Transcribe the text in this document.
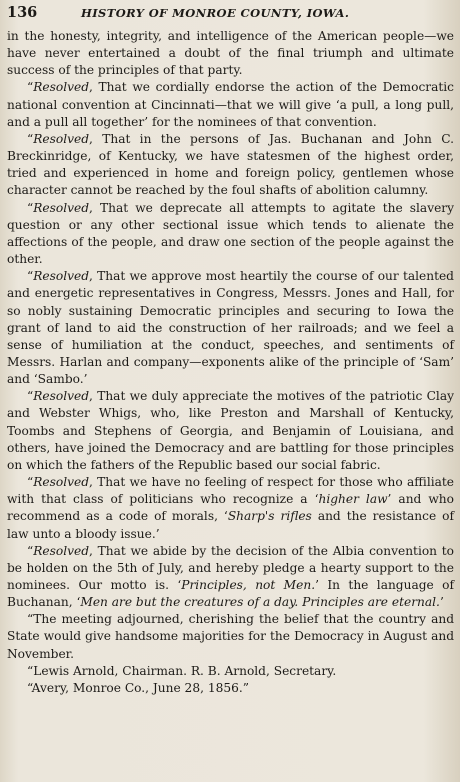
136	HISTORY OF MONROE COUNTY, IOWA.

in the honesty, integrity, and intelligence of the American people—we have never entertained a doubt of the final triumph and ultimate success of the principles of that party.

“Resolved, That we cordially endorse the action of the Democratic national convention at Cincinnati—that we will give ‘a pull, a long pull, and a pull all together’ for the nominees of that convention.

“Resolved, That in the persons of Jas. Buchanan and John C. Breckinridge, of Kentucky, we have statesmen of the highest order, tried and experienced in home and foreign policy, gentlemen whose character cannot be reached by the foul shafts of abolition calumny.

“Resolved, That we deprecate all attempts to agitate the slavery question or any other sectional issue which tends to alienate the affections of the people, and draw one section of the people against the other.

“Resolved, That we approve most heartily the course of our talented and energetic representatives in Congress, Messrs. Jones and Hall, for so nobly sustaining Democratic principles and securing to Iowa the grant of land to aid the construction of her railroads; and we feel a sense of humiliation at the conduct, speeches, and sentiments of Messrs. Harlan and company—exponents alike of the principle of ‘Sam’ and ‘Sambo.’

“Resolved, That we duly appreciate the motives of the patriotic Clay and Webster Whigs, who, like Preston and Marshall of Kentucky, Toombs and Stephens of Georgia, and Benjamin of Louisiana, and others, have joined the Democracy and are battling for those principles on which the fathers of the Republic based our social fabric.

“Resolved, That we have no feeling of respect for those who affiliate with that class of politicians who recognize a ‘higher law’ and who recommend as a code of morals, ‘Sharp's rifles and the resistance of law unto a bloody issue.’

“Resolved, That we abide by the decision of the Albia convention to be holden on the 5th of July, and hereby pledge a hearty support to the nominees. Our motto is. ‘Principles, not Men.’ In the language of Buchanan, ‘Men are but the creatures of a day. Principles are eternal.’

“The meeting adjourned, cherishing the belief that the country and State would give handsome majorities for the Democracy in August and November.

“Lewis Arnold, Chairman. R. B. Arnold, Secretary.

“Avery, Monroe Co., June 28, 1856.”
